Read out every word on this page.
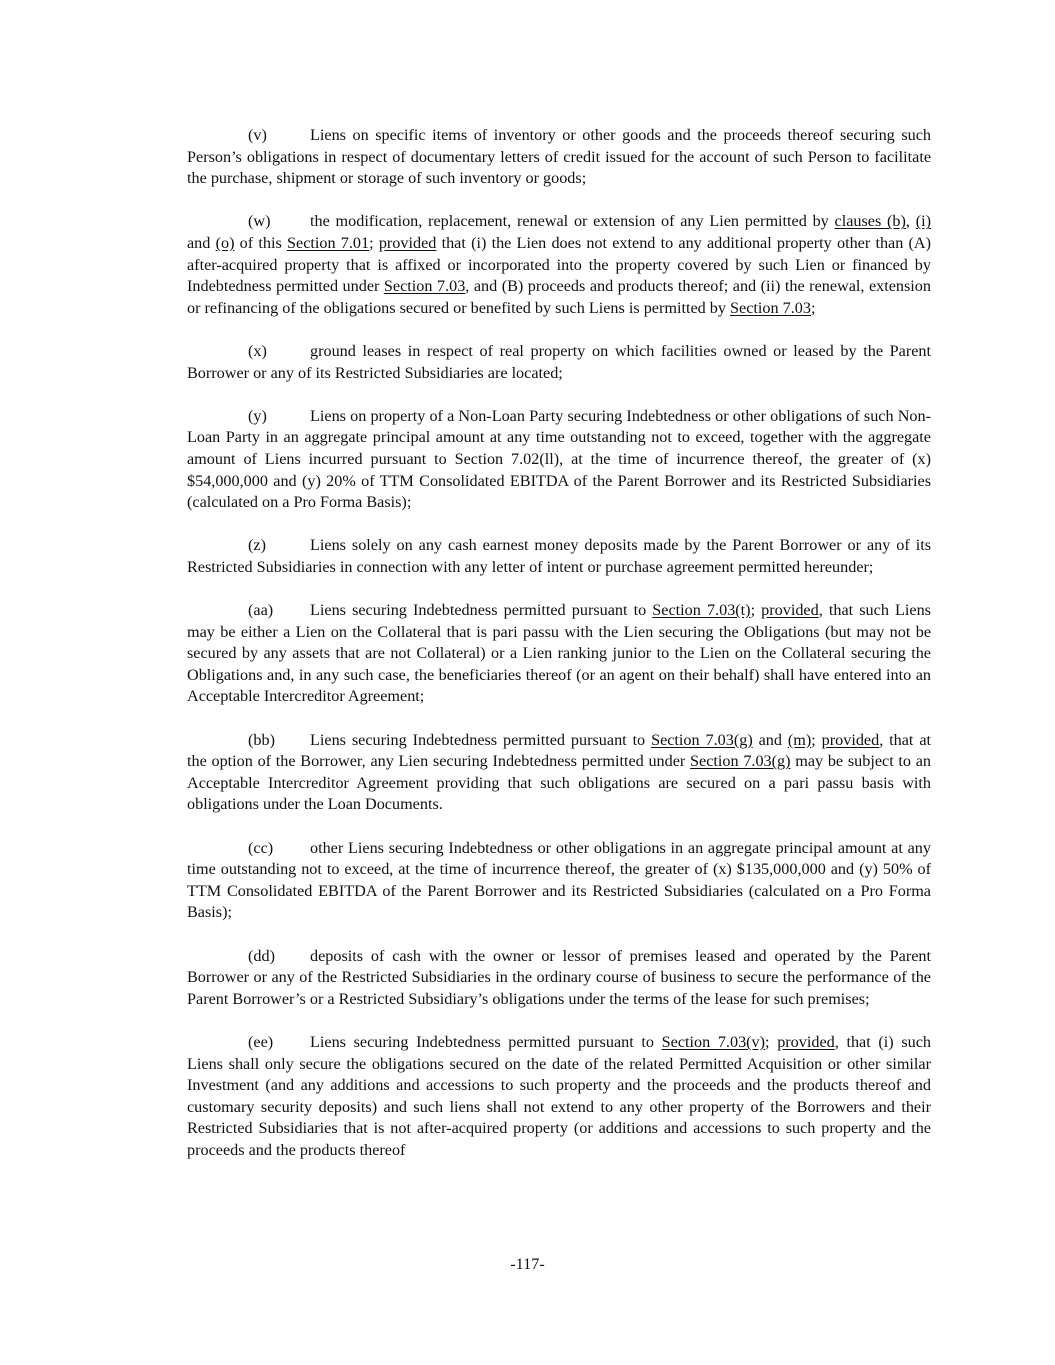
(v)	Liens on specific items of inventory or other goods and the proceeds thereof securing such Person’s obligations in respect of documentary letters of credit issued for the account of such Person to facilitate the purchase, shipment or storage of such inventory or goods;

(w) the modification, replacement, renewal or extension of any Lien permitted by clauses (b), (i) and (o) of this Section 7.01; provided that (i) the Lien does not extend to any additional property other than (A) after-acquired property that is affixed or incorporated into the property covered by such Lien or financed by Indebtedness permitted under Section 7.03, and (B) proceeds and products thereof; and (ii) the renewal, extension or refinancing of the obligations secured or benefited by such Liens is permitted by Section 7.03;

(x)	ground leases in respect of real property on which facilities owned or leased by the Parent Borrower or any of its Restricted Subsidiaries are located;

(y)	Liens on property of a Non-Loan Party securing Indebtedness or other obligations of such Non-Loan Party in an aggregate principal amount at any time outstanding not to exceed, together with the aggregate amount of Liens incurred pursuant to Section 7.02(ll), at the time of incurrence thereof, the greater of (x) $54,000,000 and (y) 20% of TTM Consolidated EBITDA of the Parent Borrower and its Restricted Subsidiaries (calculated on a Pro Forma Basis);

(z)	Liens solely on any cash earnest money deposits made by the Parent Borrower or any of its Restricted Subsidiaries in connection with any letter of intent or purchase agreement permitted hereunder;

(aa) Liens securing Indebtedness permitted pursuant to Section 7.03(t); provided, that such Liens may be either a Lien on the Collateral that is pari passu with the Lien securing the Obligations (but may not be secured by any assets that are not Collateral) or a Lien ranking junior to the Lien on the Collateral securing the Obligations and, in any such case, the beneficiaries thereof (or an agent on their behalf) shall have entered into an Acceptable Intercreditor Agreement;

(bb) Liens securing Indebtedness permitted pursuant to Section 7.03(g) and (m); provided, that at the option of the Borrower, any Lien securing Indebtedness permitted under Section 7.03(g) may be subject to an Acceptable Intercreditor Agreement providing that such obligations are secured on a pari passu basis with obligations under the Loan Documents.

(cc) other Liens securing Indebtedness or other obligations in an aggregate principal amount at any time outstanding not to exceed, at the time of incurrence thereof, the greater of (x) $135,000,000 and (y) 50% of TTM Consolidated EBITDA of the Parent Borrower and its Restricted Subsidiaries (calculated on a Pro Forma Basis);

(dd) deposits of cash with the owner or lessor of premises leased and operated by the Parent Borrower or any of the Restricted Subsidiaries in the ordinary course of business to secure the performance of the Parent Borrower’s or a Restricted Subsidiary’s obligations under the terms of the lease for such premises;

(ee) Liens securing Indebtedness permitted pursuant to Section 7.03(v); provided, that (i) such Liens shall only secure the obligations secured on the date of the related Permitted Acquisition or other similar Investment (and any additions and accessions to such property and the proceeds and the products thereof and customary security deposits) and such liens shall not extend to any other property of the Borrowers and their Restricted Subsidiaries that is not after-acquired property (or additions and accessions to such property and the proceeds and the products thereof

-117-
